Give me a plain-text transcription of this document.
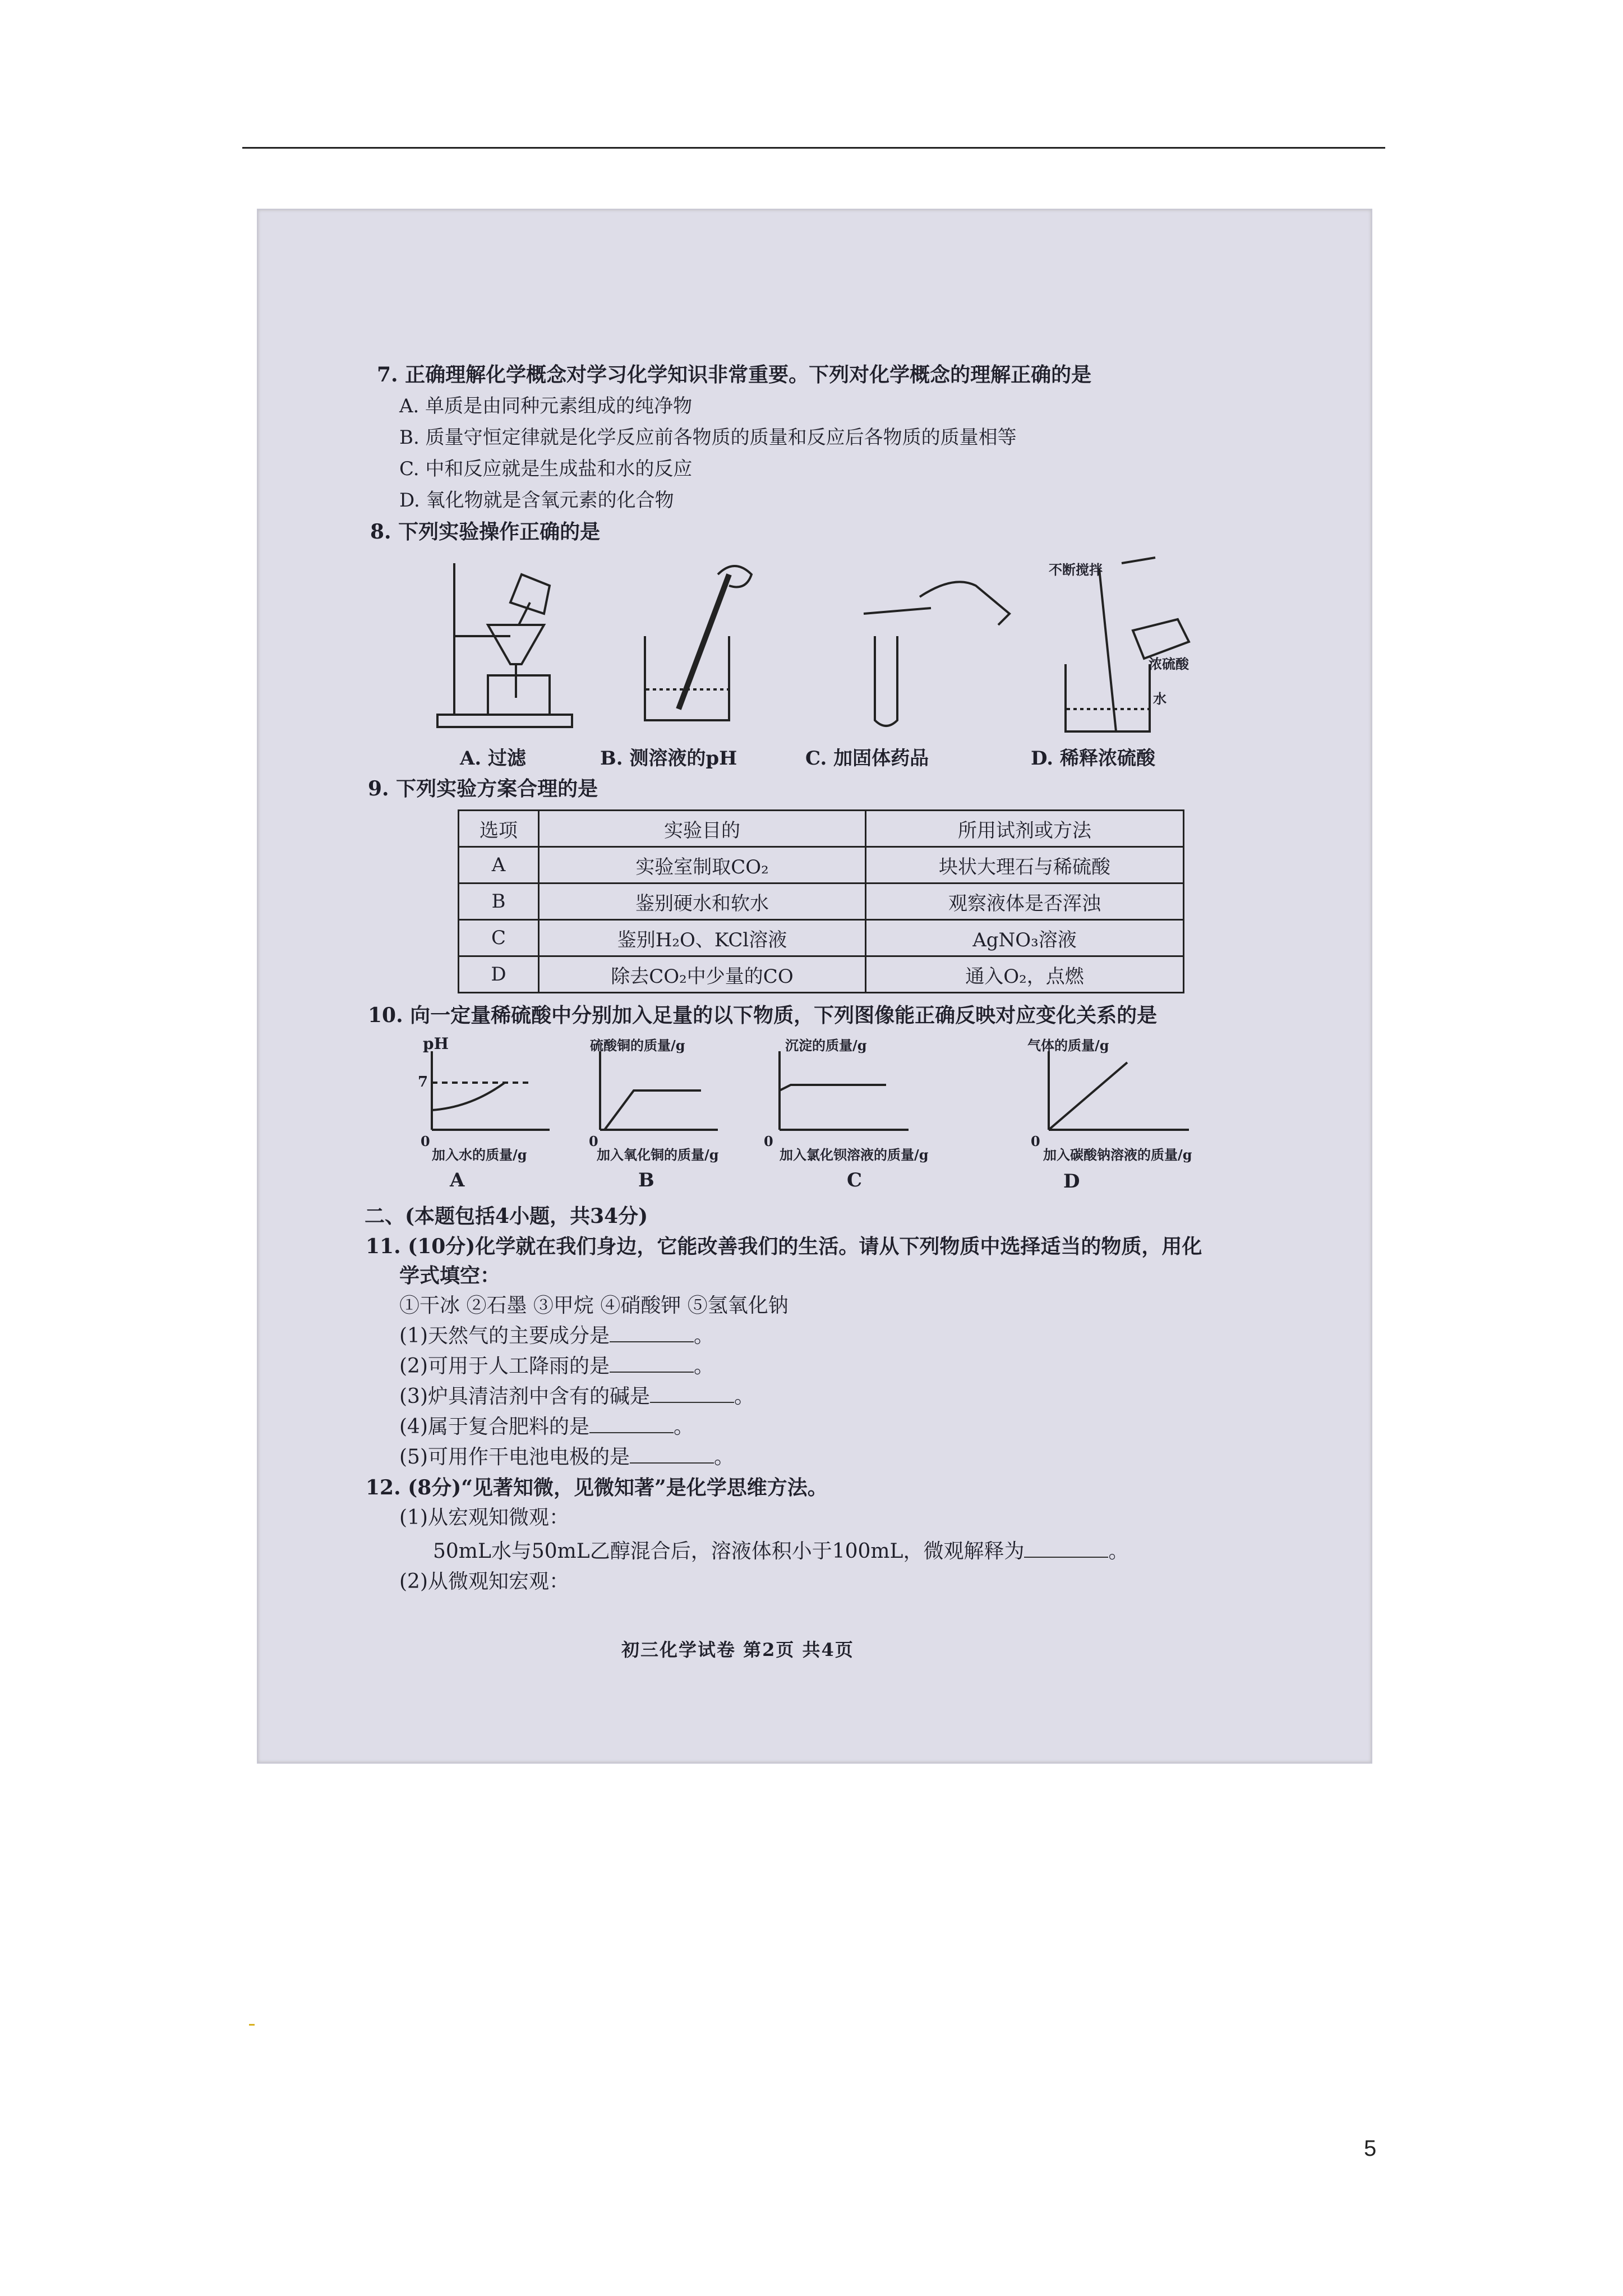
7. 正确理解化学概念对学习化学知识非常重要。下列对化学概念的理解正确的是
A. 单质是由同种元素组成的纯净物
B. 质量守恒定律就是化学反应前各物质的质量和反应后各物质的质量相等
C. 中和反应就是生成盐和水的反应
D. 氧化物就是含氧元素的化合物
8. 下列实验操作正确的是
不断搅拌
浓硫酸
水
A. 过滤	B. 测溶液的pH	C. 加固体药品	D. 稀释浓硫酸
9. 下列实验方案合理的是
选项	实验目的	所用试剂或方法
A	实验室制取CO₂	块状大理石与稀硫酸
B	鉴别硬水和软水	观察液体是否浑浊
C	鉴别H₂O、KCl溶液	AgNO₃溶液
D	除去CO₂中少量的CO	通入O₂，点燃
10. 向一定量稀硫酸中分别加入足量的以下物质，下列图像能正确反映对应变化关系的是
pH
7
0
加入水的质量/g
A
硫酸铜的质量/g
0
加入氧化铜的质量/g
B
沉淀的质量/g
0
加入氯化钡溶液的质量/g
C
气体的质量/g
0
加入碳酸钠溶液的质量/g
D
二、(本题包括4小题，共34分)
11. (10分)化学就在我们身边，它能改善我们的生活。请从下列物质中选择适当的物质，用化
学式填空：
①干冰 ②石墨 ③甲烷 ④硝酸钾 ⑤氢氧化钠
(1)天然气的主要成分是	。
(2)可用于人工降雨的是	。
(3)炉具清洁剂中含有的碱是	。
(4)属于复合肥料的是	。
(5)可用作干电池电极的是	。
12. (8分)“见著知微，见微知著”是化学思维方法。
(1)从宏观知微观：
50mL水与50mL乙醇混合后，溶液体积小于100mL，微观解释为	。
(2)从微观知宏观：
初三化学试卷 第2页 共4页
5
